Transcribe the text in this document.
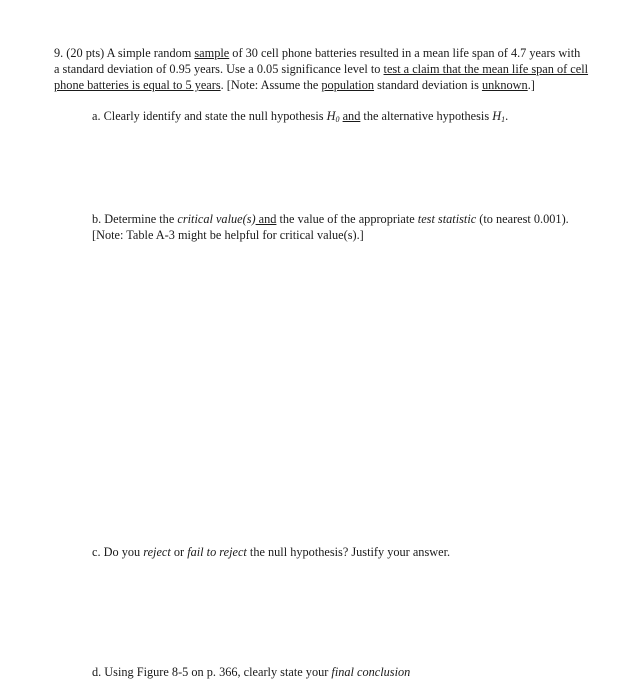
9. (20 pts) A simple random sample of 30 cell phone batteries resulted in a mean life span of 4.7 years with
a standard deviation of 0.95 years. Use a 0.05 significance level to test a claim that the mean life span of cell
phone batteries is equal to 5 years. [Note: Assume the population standard deviation is unknown.]
a. Clearly identify and state the null hypothesis $H_0$ and the alternative hypothesis $H_1$.
b. Determine the critical value(s) and the value of the appropriate test statistic (to nearest 0.001).
[Note: Table A-3 might be helpful for critical value(s).]
c. Do you reject or fail to reject the null hypothesis? Justify your answer.
d. Using Figure 8-5 on p. 366, clearly state your final conclusion
